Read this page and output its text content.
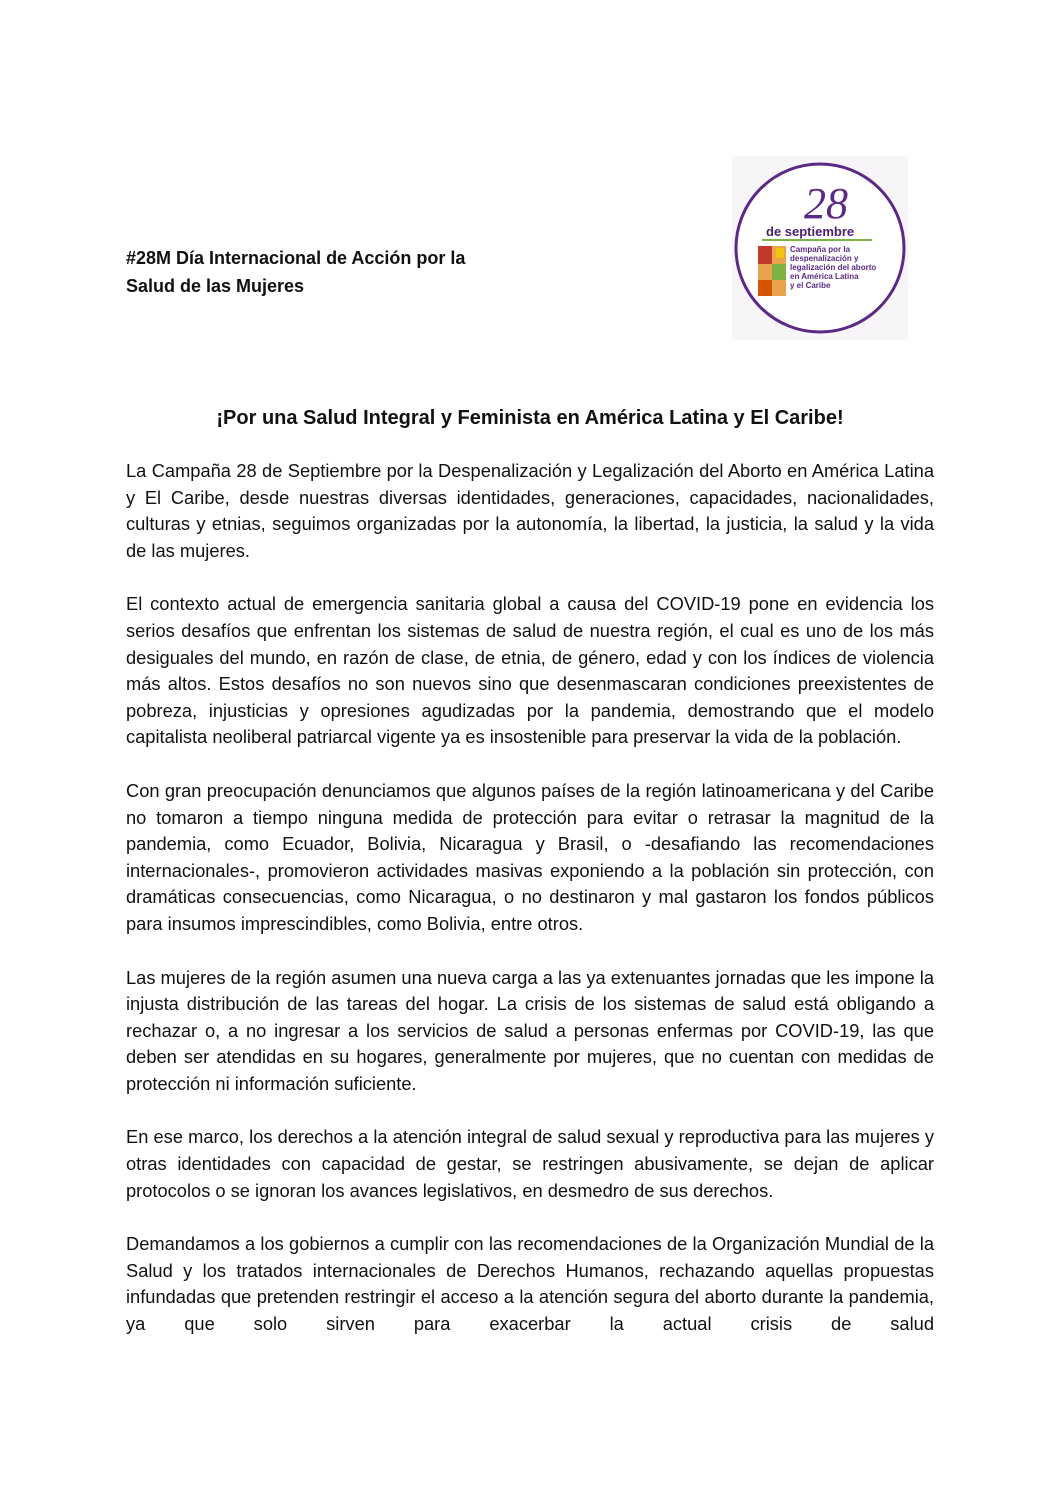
#28M Día Internacional de Acción por la
Salud de las Mujeres
28
de septiembre
Campaña por la
despenalización y
legalización del aborto
en América Latina
y el Caribe
¡Por una Salud Integral y Feminista en América Latina y El Caribe!

La Campaña 28 de Septiembre por la Despenalización y Legalización del Aborto en América Latina y El Caribe, desde nuestras diversas identidades, generaciones, capacidades, nacionalidades, culturas y etnias, seguimos organizadas por la autonomía, la libertad, la justicia, la salud y la vida de las mujeres.

El contexto actual de emergencia sanitaria global a causa del COVID-19 pone en evidencia los serios desafíos que enfrentan los sistemas de salud de nuestra región, el cual es uno de los más desiguales del mundo, en razón de clase, de etnia, de género, edad y con los índices de violencia más altos. Estos desafíos no son nuevos sino que desenmascaran condiciones preexistentes de pobreza, injusticias y opresiones agudizadas por la pandemia, demostrando que el modelo capitalista neoliberal patriarcal vigente ya es insostenible para preservar la vida de la población.

Con gran preocupación denunciamos que algunos países de la región latinoamericana y del Caribe no tomaron a tiempo ninguna medida de protección para evitar o retrasar la magnitud de la pandemia, como Ecuador, Bolivia, Nicaragua y Brasil, o -desafiando las recomendaciones internacionales-, promovieron actividades masivas exponiendo a la población sin protección, con dramáticas consecuencias, como Nicaragua, o no destinaron y mal gastaron los fondos públicos para insumos imprescindibles, como Bolivia, entre otros.

Las mujeres de la región asumen una nueva carga a las ya extenuantes jornadas que les impone la injusta distribución de las tareas del hogar. La crisis de los sistemas de salud está obligando a rechazar o, a no ingresar a los servicios de salud a personas enfermas por COVID-19, las que deben ser atendidas en su hogares, generalmente por mujeres, que no cuentan con medidas de protección ni información suficiente.

En ese marco, los derechos a la atención integral de salud sexual y reproductiva para las mujeres y otras identidades con capacidad de gestar, se restringen abusivamente, se dejan de aplicar protocolos o se ignoran los avances legislativos, en desmedro de sus derechos.

Demandamos a los gobiernos a cumplir con las recomendaciones de la Organización Mundial de la Salud y los tratados internacionales de Derechos Humanos, rechazando aquellas propuestas infundadas que pretenden restringir el acceso a la atención segura del aborto durante la pandemia, ya que solo sirven para exacerbar la actual crisis de salud
